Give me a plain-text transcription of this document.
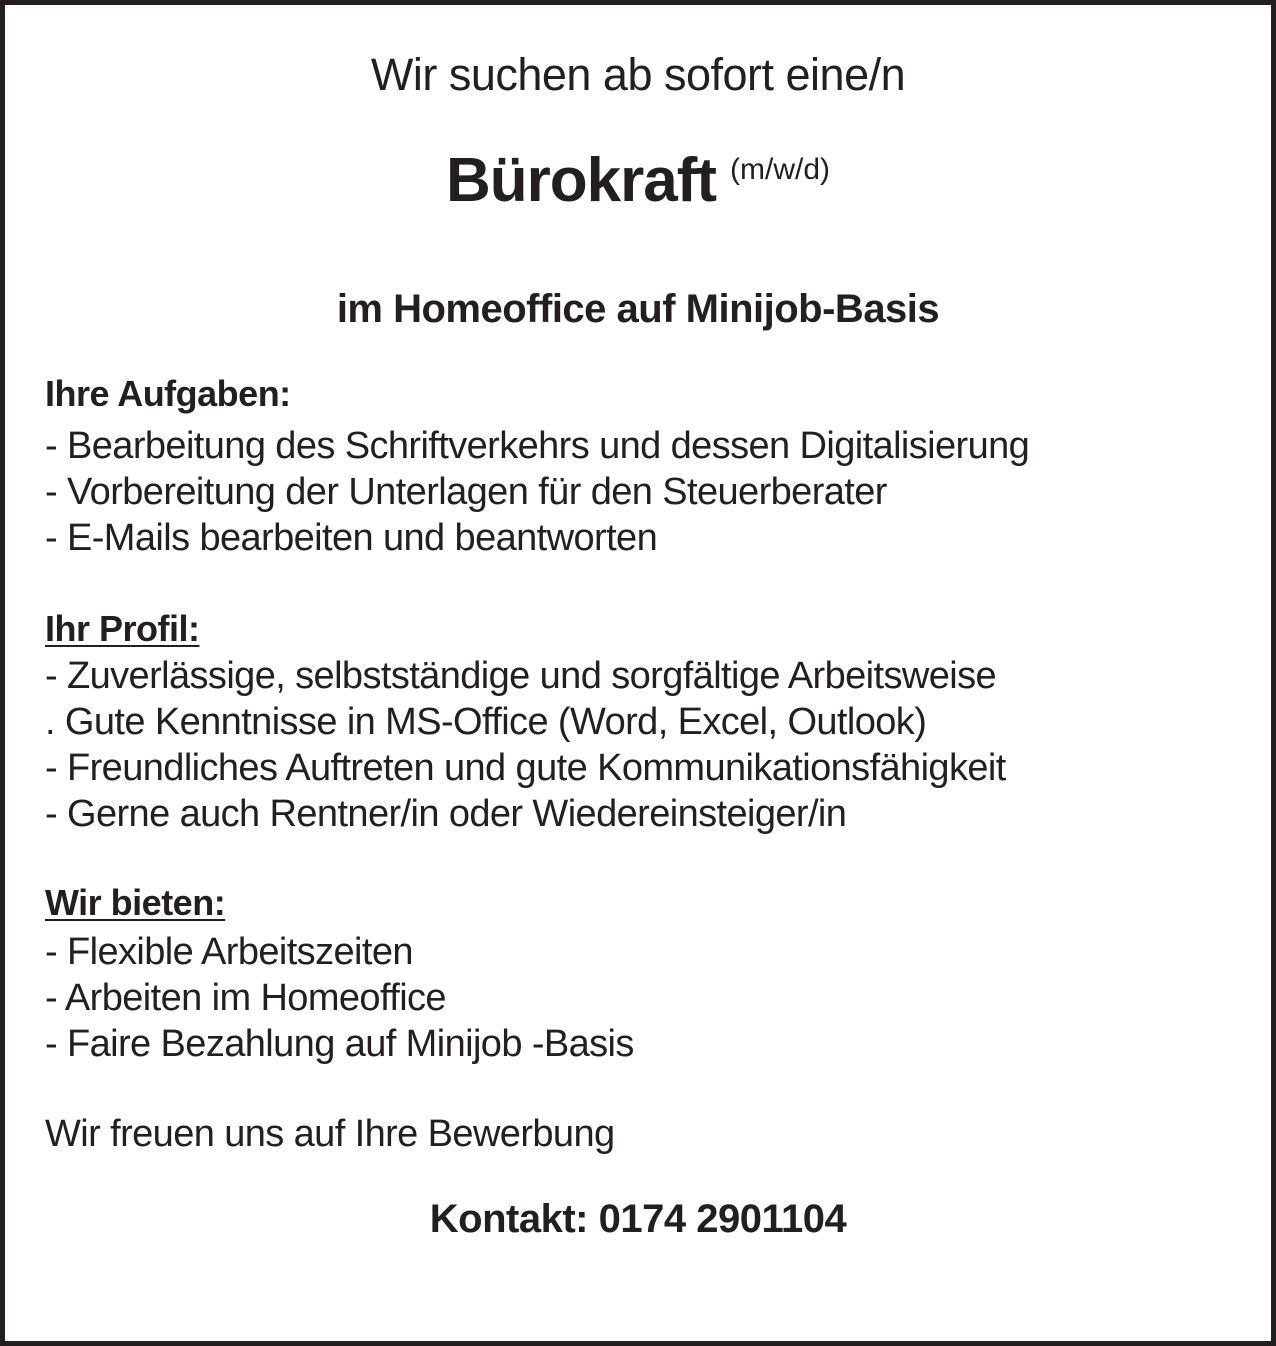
Wir suchen ab sofort eine/n
Bürokraft $^{(m/w/d)}$
im Homeoffice auf Minijob-Basis
Ihre Aufgaben:
- Bearbeitung des Schriftverkehrs und dessen Digitalisierung
- Vorbereitung der Unterlagen für den Steuerberater
- E-Mails bearbeiten und beantworten
Ihr Profil:
- Zuverlässige, selbstständige und sorgfältige Arbeitsweise
. Gute Kenntnisse in MS-Office (Word, Excel, Outlook)
- Freundliches Auftreten und gute Kommunikationsfähigkeit
- Gerne auch Rentner/in oder Wiedereinsteiger/in
Wir bieten:
- Flexible Arbeitszeiten
- Arbeiten im Homeoffice
- Faire Bezahlung auf Minijob -Basis
Wir freuen uns auf Ihre Bewerbung
Kontakt: 0174 2901104
